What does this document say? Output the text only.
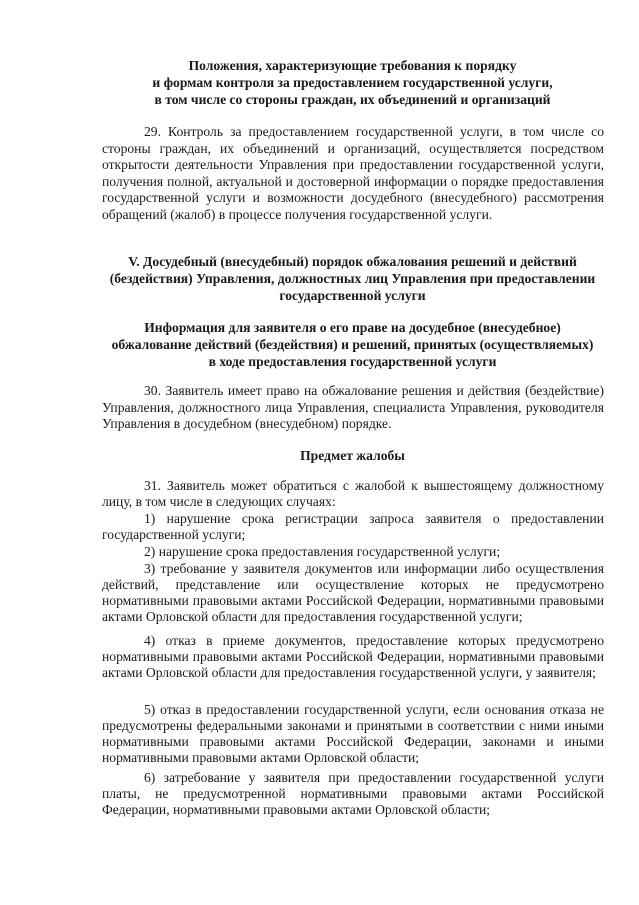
Положения, характеризующие требования к порядку
и формам контроля за предоставлением государственной услуги,
в том числе со стороны граждан, их объединений и организаций
29. Контроль за предоставлением государственной услуги, в том числе со стороны граждан, их объединений и организаций, осуществляется посредством открытости деятельности Управления при предоставлении государственной услуги, получения полной, актуальной и достоверной информации о порядке предоставления государственной услуги и возможности досудебного (внесудебного) рассмотрения обращений (жалоб) в процессе получения государственной услуги.
V. Досудебный (внесудебный) порядок обжалования решений и действий
(бездействия) Управления, должностных лиц Управления при предоставлении
государственной услуги
Информация для заявителя о его праве на досудебное (внесудебное)
обжалование действий (бездействия) и решений, принятых (осуществляемых)
в ходе предоставления государственной услуги
30. Заявитель имеет право на обжалование решения и действия (бездействие) Управления, должностного лица Управления, специалиста Управления, руководителя Управления в досудебном (внесудебном) порядке.
Предмет жалобы
31. Заявитель может обратиться с жалобой к вышестоящему должностному лицу, в том числе в следующих случаях:
1) нарушение срока регистрации запроса заявителя о предоставлении государственной услуги;
2) нарушение срока предоставления государственной услуги;
3) требование у заявителя документов или информации либо осуществления действий, представление или осуществление которых не предусмотрено нормативными правовыми актами Российской Федерации, нормативными правовыми актами Орловской области для предоставления государственной услуги;
4) отказ в приеме документов, предоставление которых предусмотрено нормативными правовыми актами Российской Федерации, нормативными правовыми актами Орловской области для предоставления государственной услуги, у заявителя;
5) отказ в предоставлении государственной услуги, если основания отказа не предусмотрены федеральными законами и принятыми в соответствии с ними иными нормативными правовыми актами Российской Федерации, законами и иными нормативными правовыми актами Орловской области;
6) затребование у заявителя при предоставлении государственной услуги платы, не предусмотренной нормативными правовыми актами Российской Федерации, нормативными правовыми актами Орловской области;
